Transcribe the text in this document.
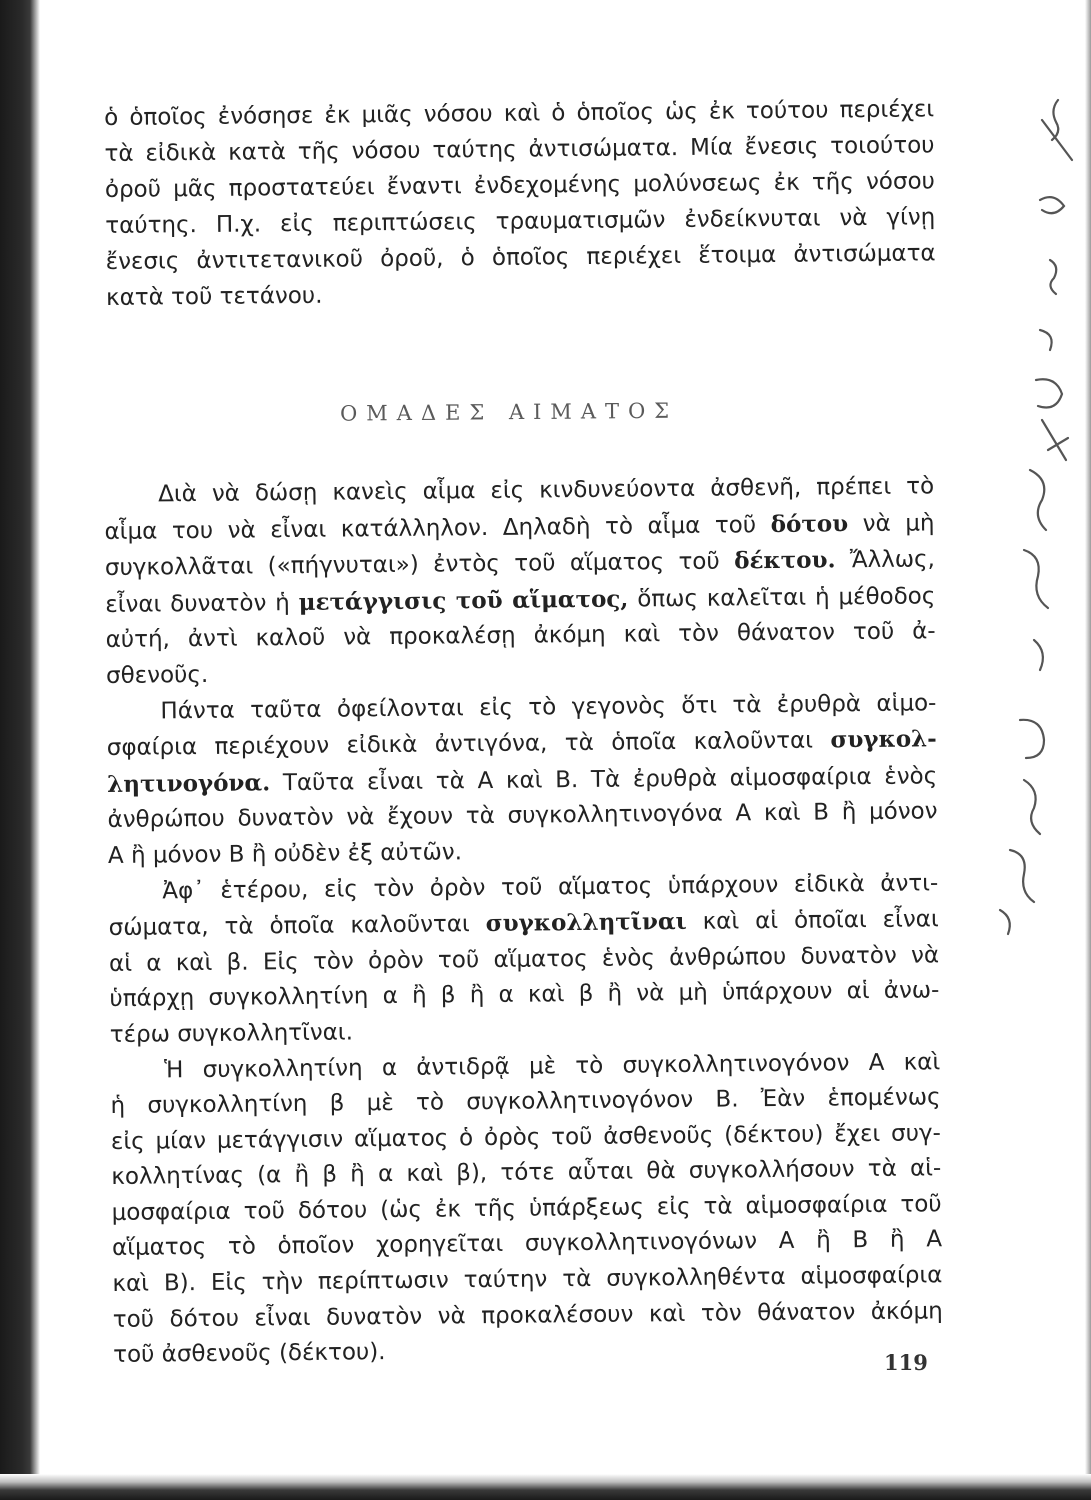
ὁ ὁποῖος ἐνόσησε ἐκ μιᾶς νόσου καὶ ὁ ὁποῖος ὡς ἐκ τούτου περιέχει
τὰ εἰδικὰ κατὰ τῆς νόσου ταύτης ἀντισώματα. Μία ἔνεσις τοιούτου
ὀροῦ μᾶς προστατεύει ἔναντι ἐνδεχομένης μολύνσεως ἐκ τῆς νόσου
ταύτης. Π.χ. εἰς περιπτώσεις τραυματισμῶν ἐνδείκνυται νὰ γίνῃ
ἔνεσις ἀντιτετανικοῦ ὀροῦ, ὁ ὁποῖος περιέχει ἕτοιμα ἀντισώματα
κατὰ τοῦ τετάνου.
ΟΜΑΔΕΣ ΑΙΜΑΤΟΣ
Διὰ νὰ δώσῃ κανεὶς αἷμα εἰς κινδυνεύοντα ἀσθενῆ, πρέπει τὸ
αἷμα του νὰ εἶναι κατάλληλον. Δηλαδὴ τὸ αἷμα τοῦ δότου νὰ μὴ
συγκολλᾶται («πήγνυται») ἐντὸς τοῦ αἵματος τοῦ δέκτου. Ἄλλως,
εἶναι δυνατὸν ἡ μετάγγισις τοῦ αἵματος, ὅπως καλεῖται ἡ μέθοδος
αὐτή, ἀντὶ καλοῦ νὰ προκαλέσῃ ἀκόμη καὶ τὸν θάνατον τοῦ ἀ-
σθενοῦς.
Πάντα ταῦτα ὀφείλονται εἰς τὸ γεγονὸς ὅτι τὰ ἐρυθρὰ αἱμο-
σφαίρια περιέχουν εἰδικὰ ἀντιγόνα, τὰ ὁποῖα καλοῦνται συγκολ-
λητινογόνα. Ταῦτα εἶναι τὰ Α καὶ Β. Τὰ ἐρυθρὰ αἱμοσφαίρια ἑνὸς
ἀνθρώπου δυνατὸν νὰ ἔχουν τὰ συγκολλητινογόνα Α καὶ Β ἢ μόνον
Α ἢ μόνον Β ἢ οὐδὲν ἐξ αὐτῶν.
Ἀφ᾽ ἑτέρου, εἰς τὸν ὀρὸν τοῦ αἵματος ὑπάρχουν εἰδικὰ ἀντι-
σώματα, τὰ ὁποῖα καλοῦνται συγκολλητῖναι καὶ αἱ ὁποῖαι εἶναι
αἱ α καὶ β. Εἰς τὸν ὀρὸν τοῦ αἵματος ἑνὸς ἀνθρώπου δυνατὸν νὰ
ὑπάρχῃ συγκολλητίνη α ἢ β ἢ α καὶ β ἢ νὰ μὴ ὑπάρχουν αἱ ἀνω-
τέρω συγκολλητῖναι.
Ἡ συγκολλητίνη α ἀντιδρᾷ μὲ τὸ συγκολλητινογόνον Α καὶ
ἡ συγκολλητίνη β μὲ τὸ συγκολλητινογόνον Β. Ἐὰν ἑπομένως
εἰς μίαν μετάγγισιν αἵματος ὁ ὀρὸς τοῦ ἀσθενοῦς (δέκτου) ἔχει συγ-
κολλητίνας (α ἢ β ἢ α καὶ β), τότε αὗται θὰ συγκολλήσουν τὰ αἱ-
μοσφαίρια τοῦ δότου (ὡς ἐκ τῆς ὑπάρξεως εἰς τὰ αἱμοσφαίρια τοῦ
αἵματος τὸ ὁποῖον χορηγεῖται συγκολλητινογόνων Α ἢ Β ἢ Α
καὶ Β). Εἰς τὴν περίπτωσιν ταύτην τὰ συγκολληθέντα αἱμοσφαίρια
τοῦ δότου εἶναι δυνατὸν νὰ προκαλέσουν καὶ τὸν θάνατον ἀκόμη
τοῦ ἀσθενοῦς (δέκτου).	119
